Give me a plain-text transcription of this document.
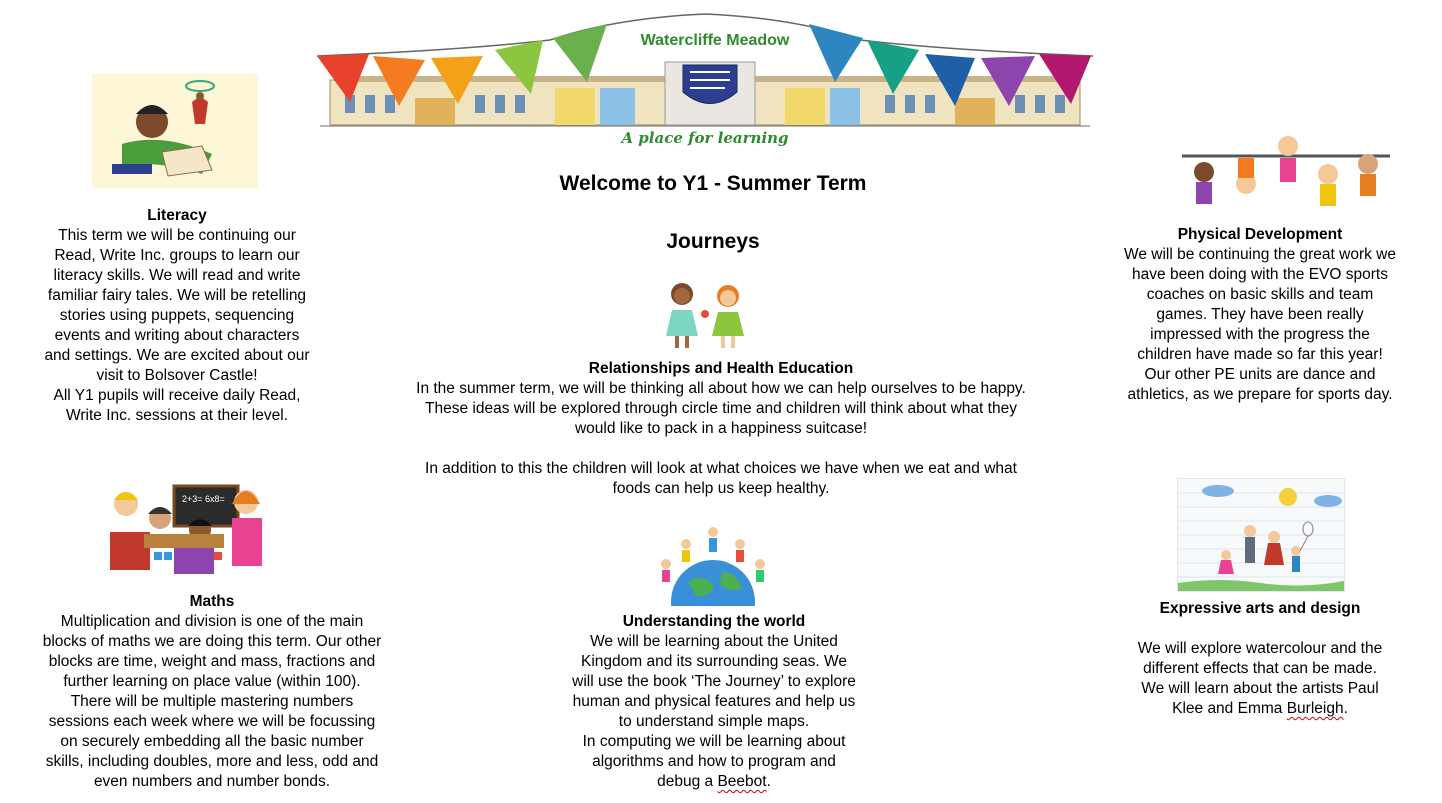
Watercliffe Meadow
A place for learning
Welcome to Y1 - Summer Term
Journeys
Literacy

This term we will be continuing our

Read, Write Inc. groups to learn our

literacy skills. We will read and write

familiar fairy tales. We will be retelling

stories using puppets, sequencing

events and writing about characters

and settings. We are excited about our

visit to Bolsover Castle!

All Y1 pupils will receive daily Read,

Write Inc. sessions at their level.

2+3= 6x8=
Maths

Multiplication and division is one of the main

blocks of maths we are doing this term. Our other

blocks are time, weight and mass, fractions and

further learning on place value (within 100).

There will be multiple mastering numbers

sessions each week where we will be focussing

on securely embedding all the basic number

skills, including doubles, more and less, odd and

even numbers and number bonds.

Relationships and Health Education

In the summer term, we will be thinking all about how we can help ourselves to be happy.

These ideas will be explored through circle time and children will think about what they

would like to pack in a happiness suitcase!

In addition to this the children will look at what choices we have when we eat and what

foods can help us keep healthy.

Understanding the world

We will be learning about the United

Kingdom and its surrounding seas. We

will use the book ‘The Journey’ to explore

human and physical features and help us

to understand simple maps.

In computing we will be learning about

algorithms and how to program and

debug a Beebot.

Physical Development

We will be continuing the great work we

have been doing with the EVO sports

coaches on basic skills and team

games. They have been really

impressed with the progress the

children have made so far this year!

Our other PE units are dance and

athletics, as we prepare for sports day.

Expressive arts and design

We will explore watercolour and the

different effects that can be made.

We will learn about the artists Paul

Klee and Emma Burleigh.
